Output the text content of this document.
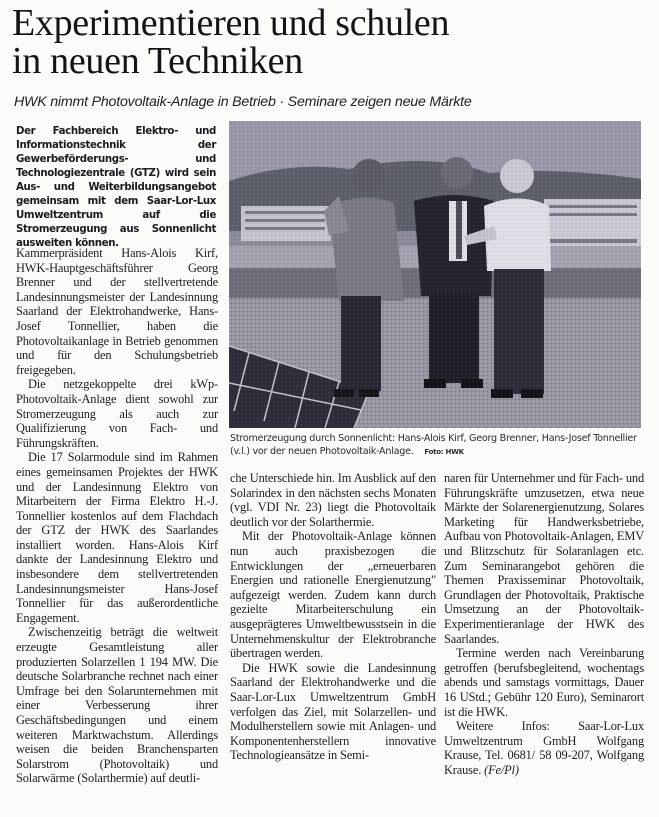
Experimentieren und schulen
in neuen Techniken
HWK nimmt Photovoltaik-Anlage in Betrieb · Seminare zeigen neue Märkte
Der Fachbereich Elektro- und Informationstechnik der Gewerbeförderungs- und Technologiezentrale (GTZ) wird sein Aus- und Weiterbildungsangebot gemeinsam mit dem Saar-Lor-Lux Umweltzentrum auf die Stromerzeugung aus Sonnenlicht ausweiten können.
Stromerzeugung durch Sonnenlicht: Hans-Alois Kirf, Georg Brenner, Hans-Josef Tonnellier (v.l.) vor der neuen Photovoltaik-Anlage. Foto: HWK

Kammerpräsident Hans-Alois Kirf, HWK-Hauptgeschäftsführer Georg Brenner und der stellvertretende Landesinnungsmeister der Landesinnung Saarland der Elektrohandwerke, Hans-Josef Tonnellier, haben die Photovoltaikanlage in Betrieb genommen und für den Schulungsbetrieb freigegeben.

Die netzgekoppelte drei kWp-Photovoltaik-Anlage dient sowohl zur Stromerzeugung als auch zur Qualifizierung von Fach- und Führungskräften.

Die 17 Solarmodule sind im Rahmen eines gemeinsamen Projektes der HWK und der Landesinnung Elektro von Mitarbeitern der Firma Elektro H.-J. Tonnellier kostenlos auf dem Flachdach der GTZ der HWK des Saarlandes installiert worden. Hans-Alois Kirf dankte der Landesinnung Elektro und insbesondere dem stellvertretenden Landesinnungsmeister Hans-Josef Tonnellier für das außerordentliche Engagement.

Zwischenzeitig beträgt die weltweit erzeugte Gesamtleistung aller produzierten Solarzellen 1 194 MW. Die deutsche Solarbranche rechnet nach einer Umfrage bei den Solarunternehmen mit einer Verbesserung ihrer Geschäftsbedingungen und einem weiteren Marktwachstum. Allerdings weisen die beiden Branchensparten Solarstrom (Photovoltaik) und Solarwärme (Solarthermie) auf deutli-

che Unterschiede hin. Im Ausblick auf den Solarindex in den nächsten sechs Monaten (vgl. VDI Nr. 23) liegt die Photovoltaik deutlich vor der Solarthermie.

Mit der Photovoltaik-Anlage können nun auch praxisbezogen die Entwicklungen der „erneuerbaren Energien und rationelle Energienutzung" aufgezeigt werden. Zudem kann durch gezielte Mitarbeiterschulung ein ausgeprägteres Umweltbewusstsein in die Unternehmenskultur der Elektrobranche übertragen werden.

Die HWK sowie die Landesinnung Saarland der Elektrohandwerke und die Saar-Lor-Lux Umweltzentrum GmbH verfolgen das Ziel, mit Solarzellen- und Modulherstellern sowie mit Anlagen- und Komponentenherstellern innovative Technologieansätze in Semi-

naren für Unternehmer und für Fach- und Führungskräfte umzusetzen, etwa neue Märkte der Solarenergienutzung, Solares Marketing für Handwerksbetriebe, Aufbau von Photovoltaik-Anlagen, EMV und Blitzschutz für Solaranlagen etc. Zum Seminarangebot gehören die Themen Praxisseminar Photovoltaik, Grundlagen der Photovoltaik, Praktische Umsetzung an der Photovoltaik-Experimentieranlage der HWK des Saarlandes.

Termine werden nach Vereinbarung getroffen (berufsbegleitend, wochentags abends und samstags vormittags, Dauer 16 UStd.; Gebühr 120 Euro), Seminarort ist die HWK.

Weitere Infos: Saar-Lor-Lux Umweltzentrum GmbH Wolfgang Krause, Tel. 0681/ 58 09-207, Wolfgang Krause. (Fe/Pl)
